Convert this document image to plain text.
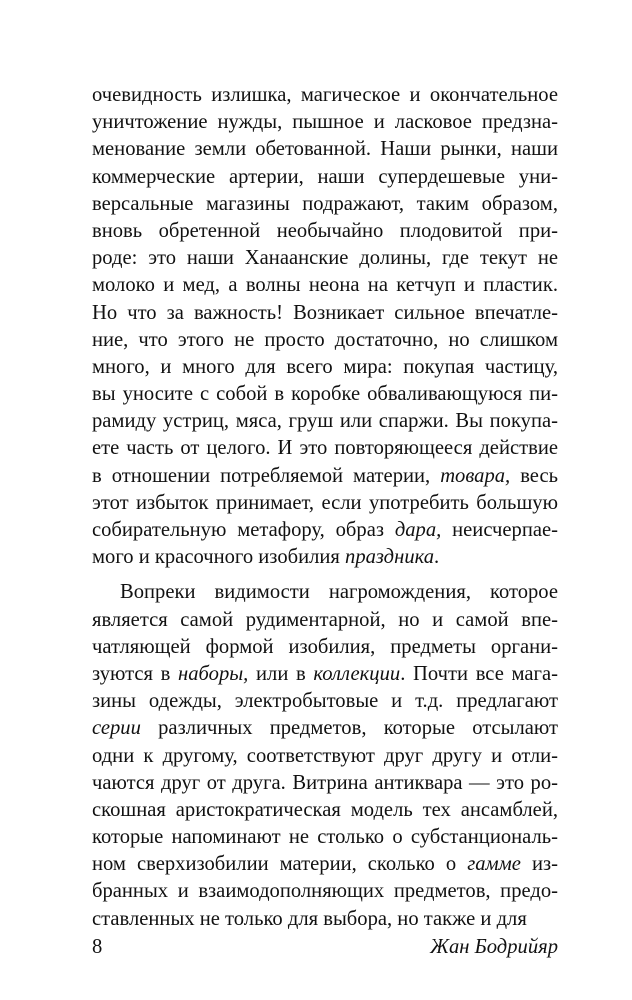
очевидность излишка, магическое и окончательное
уничтожение нужды, пышное и ласковое предзна-
менование земли обетованной. Наши рынки, наши
коммерческие артерии, наши супердешевые уни-
версальные магазины подражают, таким образом,
вновь обретенной необычайно плодовитой при-
роде: это наши Ханаанские долины, где текут не
молоко и мед, а волны неона на кетчуп и пластик.
Но что за важность! Возникает сильное впечатле-
ние, что этого не просто достаточно, но слишком
много, и много для всего мира: покупая частицу,
вы уносите с собой в коробке обваливающуюся пи-
рамиду устриц, мяса, груш или спаржи. Вы покупа-
ете часть от целого. И это повторяющееся действие
в отношении потребляемой материи, товара, весь
этот избыток принимает, если употребить большую
собирательную метафору, образ дара, неисчерпае-
мого и красочного изобилия праздника.
Вопреки видимости нагромождения, которое
является самой рудиментарной, но и самой впе-
чатляющей формой изобилия, предметы органи-
зуются в наборы, или в коллекции. Почти все мага-
зины одежды, электробытовые и т.д. предлагают
серии различных предметов, которые отсылают
одни к другому, соответствуют друг другу и отли-
чаются друг от друга. Витрина антиквара — это ро-
скошная аристократическая модель тех ансамблей,
которые напоминают не столько о субстанциональ-
ном сверхизобилии материи, сколько о гамме из-
бранных и взаимодополняющих предметов, предо-
ставленных не только для выбора, но также и для
8	Жан Бодрийяр
